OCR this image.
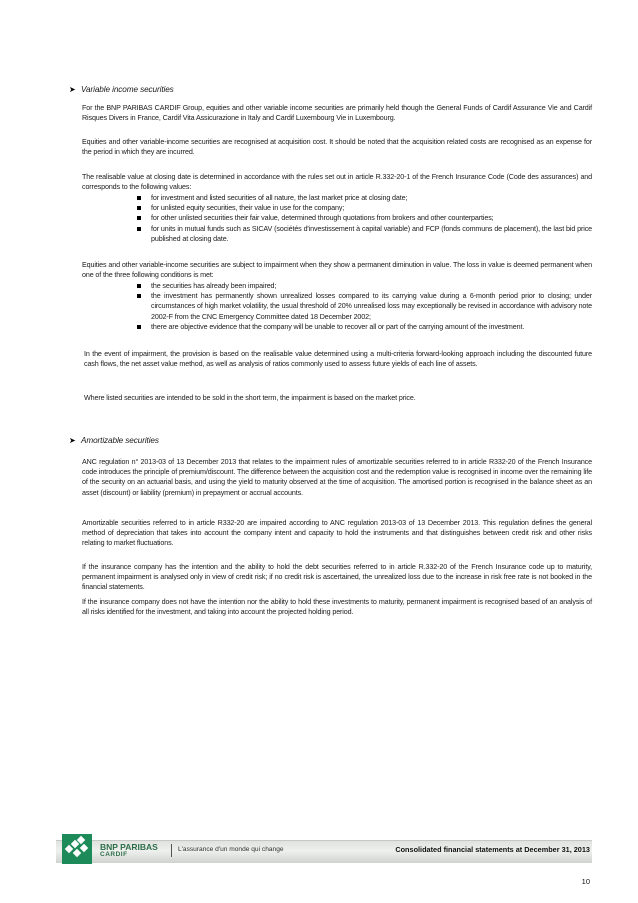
➤ Variable income securities

For the BNP PARIBAS CARDIF Group, equities and other variable income securities are primarily held though the General Funds of Cardif Assurance Vie and Cardif Risques Divers in France, Cardif Vita Assicurazione in Italy and Cardif Luxembourg Vie in Luxembourg.

Equities and other variable-income securities are recognised at acquisition cost. It should be noted that the acquisition related costs are recognised as an expense for the period in which they are incurred.

The realisable value at closing date is determined in accordance with the rules set out in article R.332-20-1 of the French Insurance Code (Code des assurances) and corresponds to the following values:

for investment and listed securities of all nature, the last market price at closing date;
for unlisted equity securities, their value in use for the company;
for other unlisted securities their fair value, determined through quotations from brokers and other counterparties;
for units in mutual funds such as SICAV (sociétés d'investissement à capital variable) and FCP (fonds communs de placement), the last bid price published at closing date.

Equities and other variable-income securities are subject to impairment when they show a permanent diminution in value. The loss in value is deemed permanent when one of the three following conditions is met:

the securities has already been impaired;
the investment has permanently shown unrealized losses compared to its carrying value during a 6-month period prior to closing; under circumstances of high market volatility, the usual threshold of 20% unrealised loss may exceptionally be revised in accordance with advisory note 2002-F from the CNC Emergency Committee dated 18 December 2002;
there are objective evidence that the company will be unable to recover all or part of the carrying amount of the investment.

In the event of impairment, the provision is based on the realisable value determined using a multi-criteria forward-looking approach including the discounted future cash flows, the net asset value method, as well as analysis of ratios commonly used to assess future yields of each line of assets.

Where listed securities are intended to be sold in the short term, the impairment is based on the market price.

➤ Amortizable securities

ANC regulation n° 2013-03 of 13 December 2013 that relates to the impairment rules of amortizable securities referred to in article R332-20 of the French Insurance code introduces the principle of premium/discount. The difference between the acquisition cost and the redemption value is recognised in income over the remaining life of the security on an actuarial basis, and using the yield to maturity observed at the time of acquisition. The amortised portion is recognised in the balance sheet as an asset (discount) or liability (premium) in prepayment or accrual accounts.

Amortizable securities referred to in article R332-20 are impaired according to ANC regulation 2013-03 of 13 December 2013. This regulation defines the general method of depreciation that takes into account the company intent and capacity to hold the instruments and that distinguishes between credit risk and other risks relating to market fluctuations.

If the insurance company has the intention and the ability to hold the debt securities referred to in article R.332-20 of the French Insurance code up to maturity, permanent impairment is analysed only in view of credit risk; if no credit risk is ascertained, the unrealized loss due to the increase in risk free rate is not booked in the financial statements.

If the insurance company does not have the intention nor the ability to hold these investments to maturity, permanent impairment is recognised based of an analysis of all risks identified for the investment, and taking into account the projected holding period.

BNP PARIBAS
CARDIF
L'assurance d'un monde qui change	Consolidated financial statements at December 31, 2013
10
